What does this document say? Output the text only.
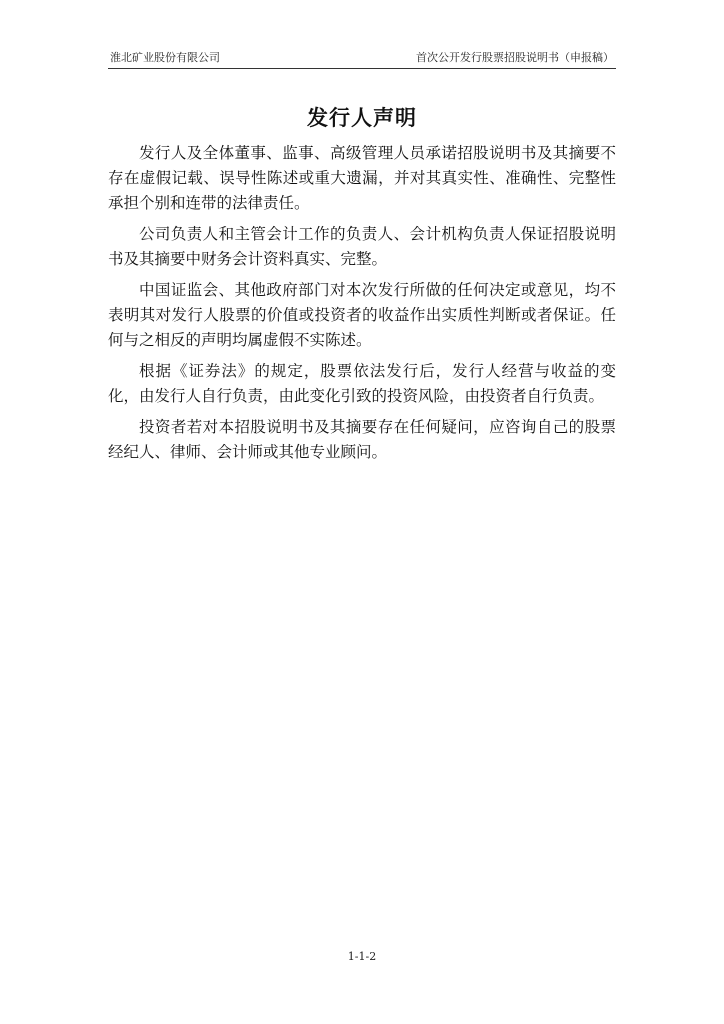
淮北矿业股份有限公司	首次公开发行股票招股说明书（申报稿）
发行人声明

发行人及全体董事、监事、高级管理人员承诺招股说明书及其摘要不存在虚假记载、误导性陈述或重大遗漏，并对其真实性、准确性、完整性承担个别和连带的法律责任。

公司负责人和主管会计工作的负责人、会计机构负责人保证招股说明书及其摘要中财务会计资料真实、完整。

中国证监会、其他政府部门对本次发行所做的任何决定或意见，均不表明其对发行人股票的价值或投资者的收益作出实质性判断或者保证。任何与之相反的声明均属虚假不实陈述。

根据《证券法》的规定，股票依法发行后，发行人经营与收益的变化，由发行人自行负责，由此变化引致的投资风险，由投资者自行负责。

投资者若对本招股说明书及其摘要存在任何疑问，应咨询自己的股票经纪人、律师、会计师或其他专业顾问。

1-1-2
